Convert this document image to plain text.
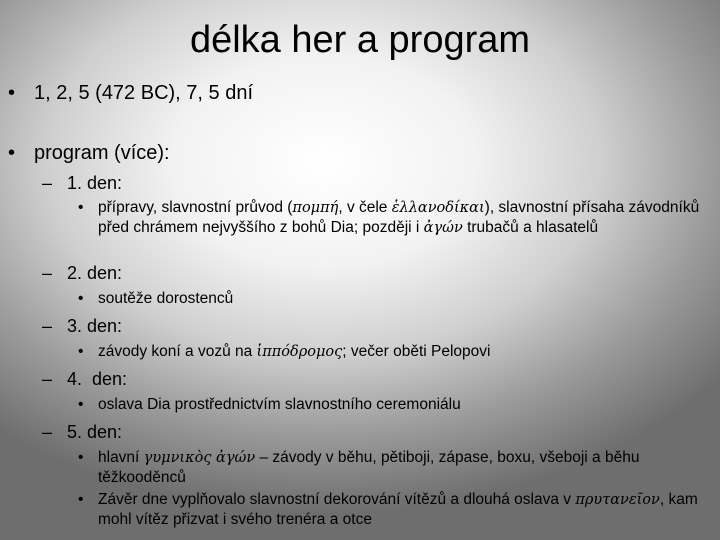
délka her a program
• 1, 2, 5 (472 BC), 7, 5 dní
• program (více):
– 1. den:
• přípravy, slavnostní průvod (πομπή, v čele ἑλλανοδίκαι), slavnostní přísaha závodníků před chrámem nejvyššího z bohů Dia; později i ἀγών trubačů a hlasatelů
– 2. den:
• soutěže dorostenců
– 3. den:
• závody koní a vozů na ἱππόδρομος; večer oběti Pelopovi
– 4.  den:
• oslava Dia prostřednictvím slavnostního ceremoniálu
– 5. den:
• hlavní γυμνικὸς ἀγών – závody v běhu, pětiboji, zápase, boxu, všeboji a běhu těžkooděnců
• Závěr dne vyplňovalo slavnostní dekorování vítězů a dlouhá oslava v πρυτανεῖον, kam mohl vítěz přizvat i svého trenéra a otce
